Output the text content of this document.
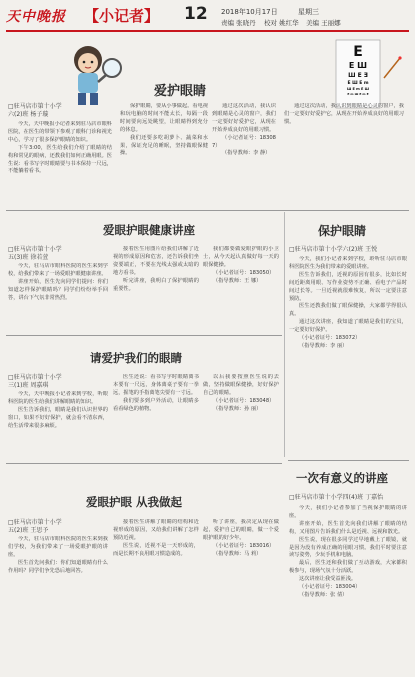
天中晚报 【小记者】 12 2018年10月17日	星期三
责编 张晓丹 校对 姚红华 美编 王丽娜
爱护眼睛
E
E Ш
Ш E Ǝ
E Ш E m
Ш E m E Ш
E m Ш E m E
□驻马店市第十小学
六(2)班 杨子璇

今天，天中晚报小记者来到驻马店市眼科医院，在医生的带领下参观了眼科门诊和视光中心，学习了很多保护眼睛的知识。

下午3:00，医生给我们介绍了眼睛的结构和常见的眼病，还教我们如何正确用眼。医生说：看书写字时眼睛要与书本保持一尺远，不能躺着看书。

保护眼睛，要从小事做起。看电视和玩电脑的时间不能太长，每隔一段时间要向远处眺望，让眼睛得到充分的休息。

我们还要多吃胡萝卜、蔬菜和水果，保证充足的睡眠，坚持做眼保健操。

通过这次活动，我认识到眼睛是心灵的窗户，我们一定要好好爱护它，从现在开始养成良好的用眼习惯。

（小记者证号：183087）

（指导教师：李 静）

通过这次活动，我认识到眼睛是心灵的窗户，我们一定要好好爱护它，从现在开始养成良好的用眼习惯。

爱眼护眼健康讲座
□驻马店市第十小学
五(3)班 徐若萱

今天，驻马店市眼科医院的医生来到学校，给我们带来了一场爱眼护眼健康讲座。

讲座开始，医生先向同学们提问：你们知道怎样保护眼睛吗？同学们纷纷举手回答，讲台下气氛非常热烈。

接着医生用图片给我们讲解了近视的形成原因和危害，还告诉我们坐姿要端正，不要在光线太强或太暗的地方看书。

听完讲座，我明白了保护眼睛的重要性。

我们都要做爱眼护眼的小卫士，从今天起认真做好每一天的眼保健操。

（小记者证号：183050）

（指导教师：王 娜）

保护眼睛
□驻马店市第十小学六(2)班 王悦

今天，我们小记者来到学校，聆听驻马店市眼科医院医生为我们带来的爱眼讲座。

医生告诉我们，近视的原因有很多，比如长时间近距离用眼、写作业姿势不正确、看电子产品时间过长等。一旦近视就很难恢复，所以一定要注意预防。

医生还教我们做了眼保健操，大家都学得很认真。

通过这次讲座，我知道了眼睛是我们的宝贝，一定要好好保护。

（小记者证号：183072）

（指导教师：李 丽）

请爱护我们的眼睛
□驻马店市第十小学
三(1)班 周嘉琪

今天，天中晚报小记者来到学校，听眼科医院的医生给我们讲解眼睛的知识。

医生告诉我们，眼睛是我们认识世界的窗口，如果不好好保护，就会看不清东西，给生活带来很多麻烦。

医生还说：看书写字时眼睛离书本要有一尺远，身体离桌子要有一拳远，握笔的手指离笔尖要有一寸远。

我们要多到户外活动，让眼睛多看看绿色的植物。

以后我要按照医生说的去做，坚持做眼保健操，好好保护自己的眼睛。

（小记者证号：183048）

（指导教师：孙 丽）

一次有意义的讲座
□驻马店市第十小学四(4)班 丁嘉怡

今天，我们小记者参加了当视保护眼睛的讲座。

讲座开始，医生首先向我们讲解了眼睛的结构，又用图片告诉我们什么是近视、远视和散光。

医生说，现在很多同学过早地戴上了眼镜，就是因为没有养成正确的用眼习惯。我们平时要注意读写姿势，少玩手机和电脑。

最后，医生还和我们做了互动游戏，大家都积极参与，现场气氛十分活跃。

这次讲座让我受益匪浅。

（小记者证号：183004）

（指导教师：张 倩）

爱眼护眼 从我做起
□驻马店市第十小学
五(2)班 王思予

今天，驻马店市眼科医院的医生来到我们学校，为我们带来了一场爱眼护眼的讲座。

医生首先问我们：你们知道眼睛有什么作用吗？同学们争先恐后地回答。

接着医生讲解了眼睛的结构和近视形成的原因，又给我们讲解了怎样预防近视。

医生说，近视不是一天形成的，而是长期不良用眼习惯造成的。

听了讲座，我决定从现在做起，爱护自己的眼睛，做一个爱眼护眼的好少年。

（小记者证号：183016）

（指导教师：马 莉）
